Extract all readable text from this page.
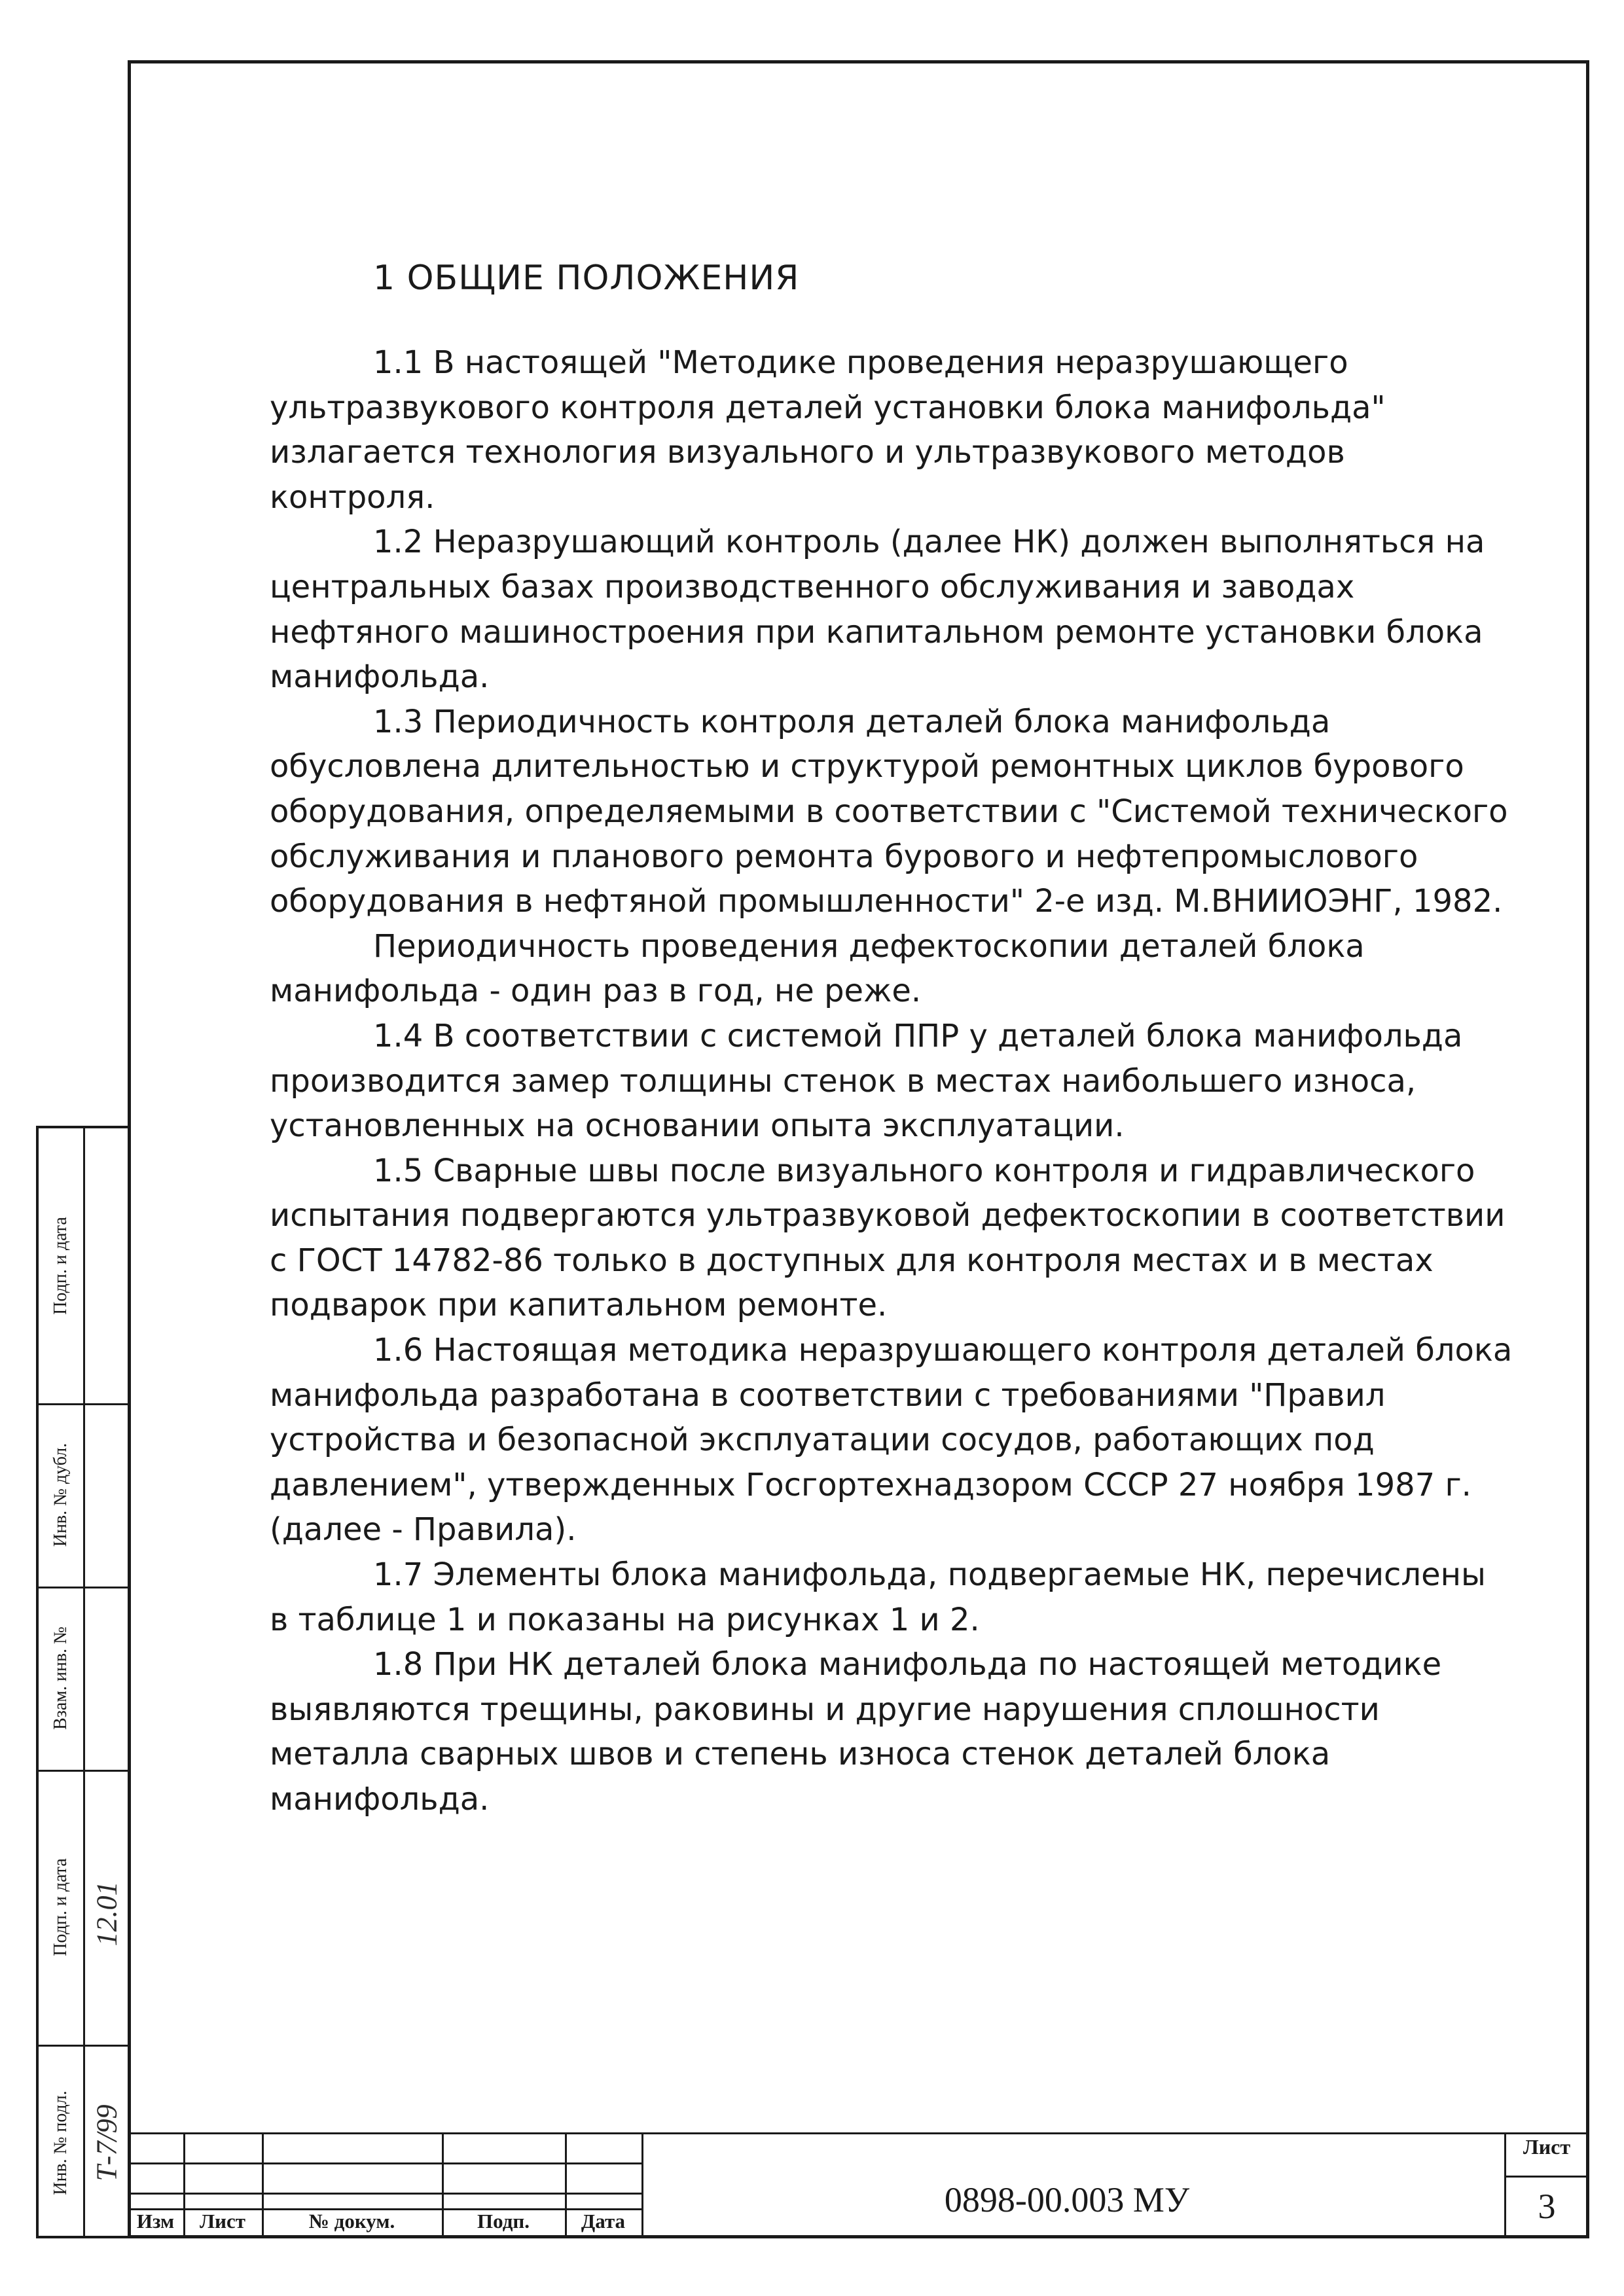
1 ОБЩИЕ ПОЛОЖЕНИЯ

1.1 В настоящей "Методике проведения неразрушающего ультразвукового контроля деталей установки блока манифольда" излагается технология визуального и ультразвукового методов контроля.

1.2 Неразрушающий контроль (далее НК) должен выполняться на центральных базах производственного обслуживания и заводах нефтяного машиностроения при капитальном ремонте установки блока манифольда.

1.3 Периодичность контроля деталей блока манифольда обусловлена длительностью и структурой ремонтных циклов бурового оборудования, определяемыми в соответствии с "Системой технического обслуживания и планового ремонта бурового и нефтепромыслового оборудования в нефтяной промышленности" 2-е изд. М.ВНИИОЭНГ, 1982.

Периодичность проведения дефектоскопии деталей блока манифольда - один раз в год, не реже.

1.4 В соответствии с системой ППР у деталей блока манифольда производится замер толщины стенок в местах наибольшего износа, установленных на основании опыта эксплуатации.

1.5 Сварные швы после визуального контроля и гидравлического испытания подвергаются ультразвуковой дефектоскопии в соответствии с ГОСТ 14782-86 только в доступных для контроля местах и в местах подварок при капитальном ремонте.

1.6 Настоящая методика неразрушающего контроля деталей блока манифольда разработана в соответствии с требованиями "Правил устройства и безопасной эксплуатации сосудов, работающих под давлением", утвержденных Госгортехнадзором СССР 27 ноября 1987 г. (далее - Правила).

1.7 Элементы блока манифольда, подвергаемые НК, перечислены в таблице 1 и показаны на рисунках 1 и 2.

1.8 При НК деталей блока манифольда по настоящей методике выявляются трещины, раковины и другие нарушения сплошности металла сварных швов и степень износа стенок деталей блока манифольда.

Подп. и дата
Инв. № дубл.
Взам. инв. №
Подп. и дата
Инв. № подл.
12.01
Т-7/99
Изм	Лист	№ докум.	Подп.	Дата
0898-00.003 МУ
Лист
3
